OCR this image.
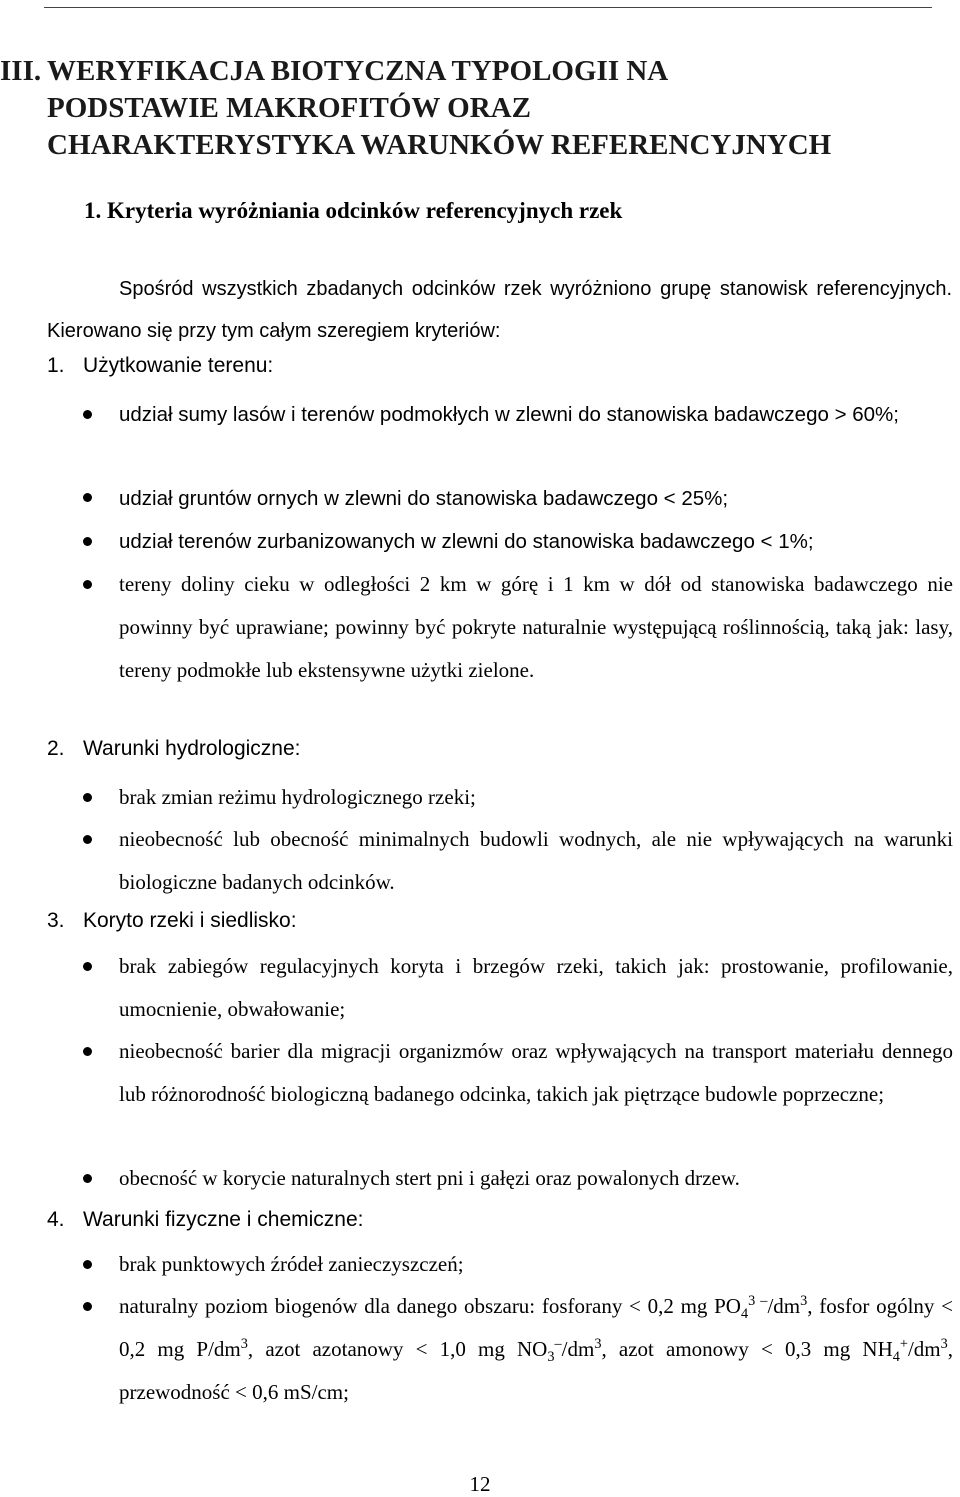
III. WERYFIKACJA BIOTYCZNA TYPOLOGII NA
PODSTAWIE MAKROFITÓW ORAZ
CHARAKTERYSTYKA WARUNKÓW REFERENCYJNYCH
1. Kryteria wyróżniania odcinków referencyjnych rzek
Spośród wszystkich zbadanych odcinków rzek wyróżniono grupę stanowisk referencyjnych. Kierowano się przy tym całym szeregiem kryteriów:
1. Użytkowanie terenu:
udział sumy lasów i terenów podmokłych w zlewni do stanowiska badawczego > 60%;
udział gruntów ornych w zlewni do stanowiska badawczego < 25%;
udział terenów zurbanizowanych w zlewni do stanowiska badawczego < 1%;
tereny doliny cieku w odległości 2 km w górę i 1 km w dół od stanowiska badawczego nie powinny być uprawiane; powinny być pokryte naturalnie występującą roślinnością, taką jak: lasy, tereny podmokłe lub ekstensywne użytki zielone.
2. Warunki hydrologiczne:
brak zmian reżimu hydrologicznego rzeki;
nieobecność lub obecność minimalnych budowli wodnych, ale nie wpływających na warunki biologiczne badanych odcinków.
3. Koryto rzeki i siedlisko:
brak zabiegów regulacyjnych koryta i brzegów rzeki, takich jak: prostowanie, profilowanie, umocnienie, obwałowanie;
nieobecność barier dla migracji organizmów oraz wpływających na transport materiału dennego lub różnorodność biologiczną badanego odcinka, takich jak piętrzące budowle poprzeczne;
obecność w korycie naturalnych stert pni i gałęzi oraz powalonych drzew.
4. Warunki fizyczne i chemiczne:
brak punktowych źródeł zanieczyszczeń;
naturalny poziom biogenów dla danego obszaru: fosforany < 0,2 mg $PO_4^{3 -}/dm^3$, fosfor ogólny < 0,2 mg $P/dm^3$, azot azotanowy < 1,0 mg $NO_3^-/dm^3$, azot amonowy < 0,3 mg $NH_4^+/dm^3$, przewodność < 0,6 mS/cm;
12
